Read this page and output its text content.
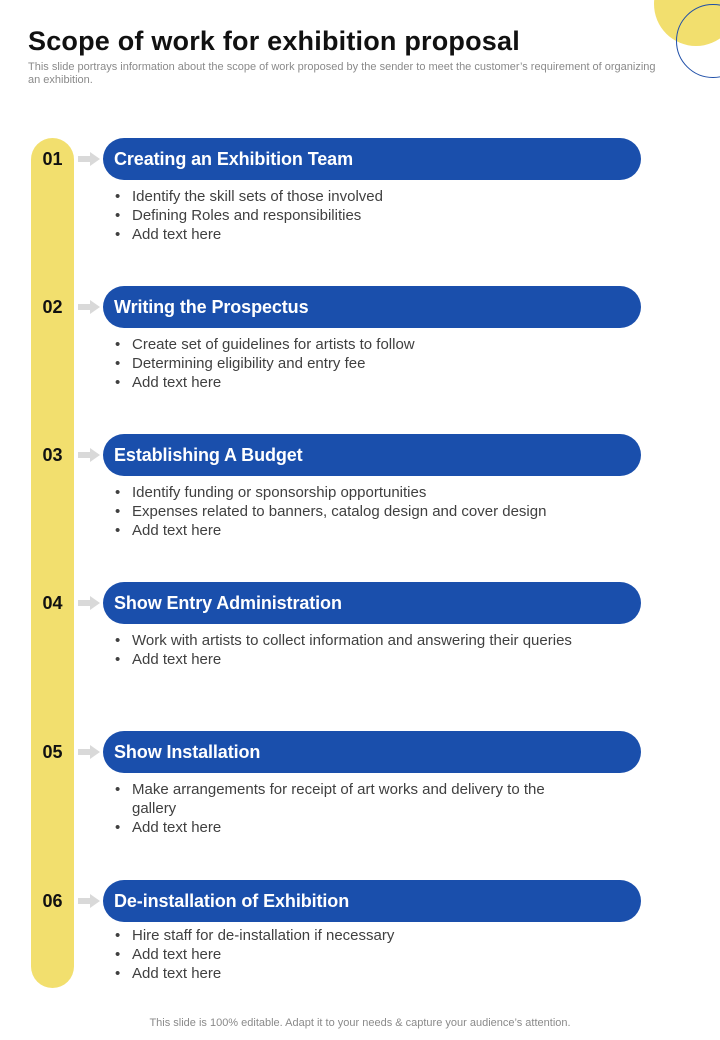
Scope of work for exhibition proposal

This slide portrays information about the scope of work proposed by the sender to meet the customer’s requirement of organizing an exhibition.

01	Creating an Exhibition Team
• Identify the skill sets of those involved
• Defining Roles and responsibilities
• Add text here
02	Writing the Prospectus
• Create set of guidelines for artists to follow
• Determining eligibility and entry fee
• Add text here
03	Establishing A Budget
• Identify funding or sponsorship opportunities
• Expenses related to banners, catalog design and cover design
• Add text here
04	Show Entry Administration
• Work with artists to collect information and answering their queries
• Add text here
05	Show Installation
• Make arrangements for receipt of art works and delivery to the gallery
• Add text here
06	De-installation of Exhibition
• Hire staff for de-installation if necessary
• Add text here
• Add text here
This slide is 100% editable. Adapt it to your needs & capture your audience’s attention.
